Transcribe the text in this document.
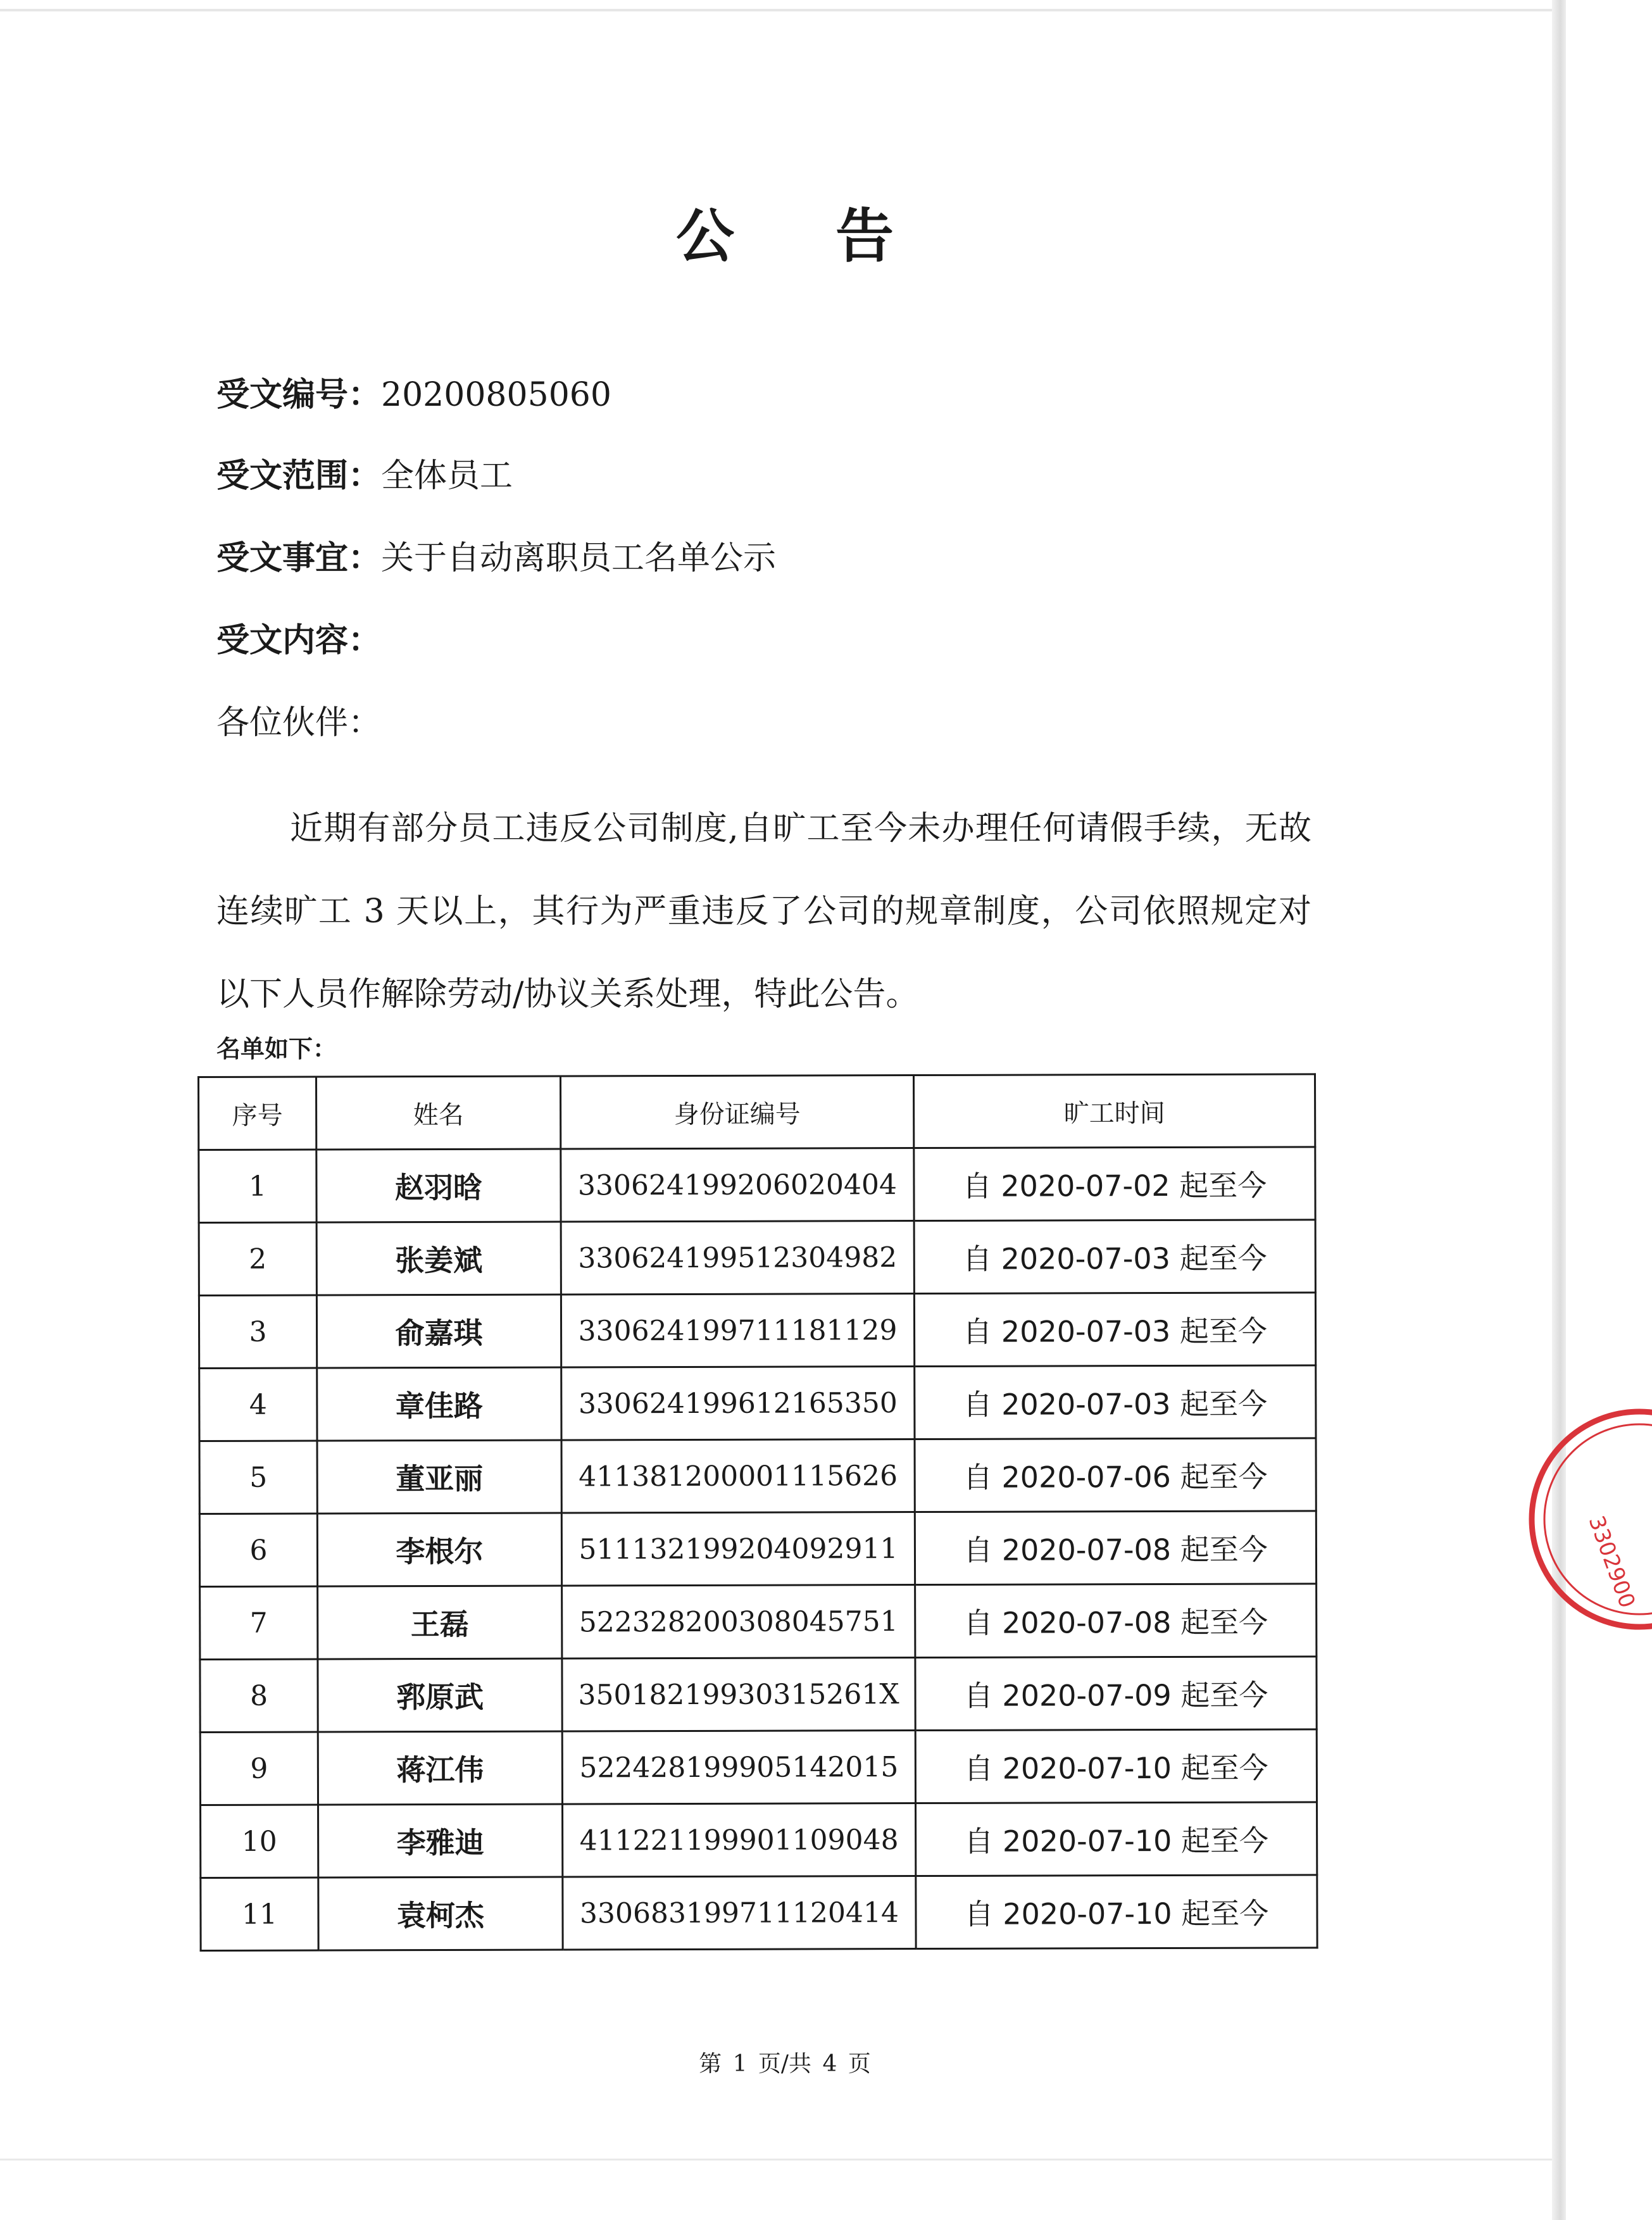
公 告
受文编号：20200805060
受文范围：全体员工
受文事宜：关于自动离职员工名单公示
受文内容：
各位伙伴：

近期有部分员工违反公司制度,自旷工至今未办理任何请假手续，无故连续旷工 3 天以上，其行为严重违反了公司的规章制度，公司依照规定对以下人员作解除劳动/协议关系处理，特此公告。

名单如下：
序号	姓名	身份证编号	旷工时间
1	赵羽晗	330624199206020404	自 2020-07-02 起至今
2	张姜斌	330624199512304982	自 2020-07-03 起至今
3	俞嘉琪	330624199711181129	自 2020-07-03 起至今
4	章佳路	330624199612165350	自 2020-07-03 起至今
5	董亚丽	411381200001115626	自 2020-07-06 起至今
6	李根尔	511132199204092911	自 2020-07-08 起至今
7	王磊	522328200308045751	自 2020-07-08 起至今
8	郛原武	35018219930315261X	自 2020-07-09 起至今
9	蒋江伟	522428199905142015	自 2020-07-10 起至今
10	李雅迪	411221199901109048	自 2020-07-10 起至今
11	袁柯杰	330683199711120414	自 2020-07-10 起至今
第 1 页/共 4 页
3302900
